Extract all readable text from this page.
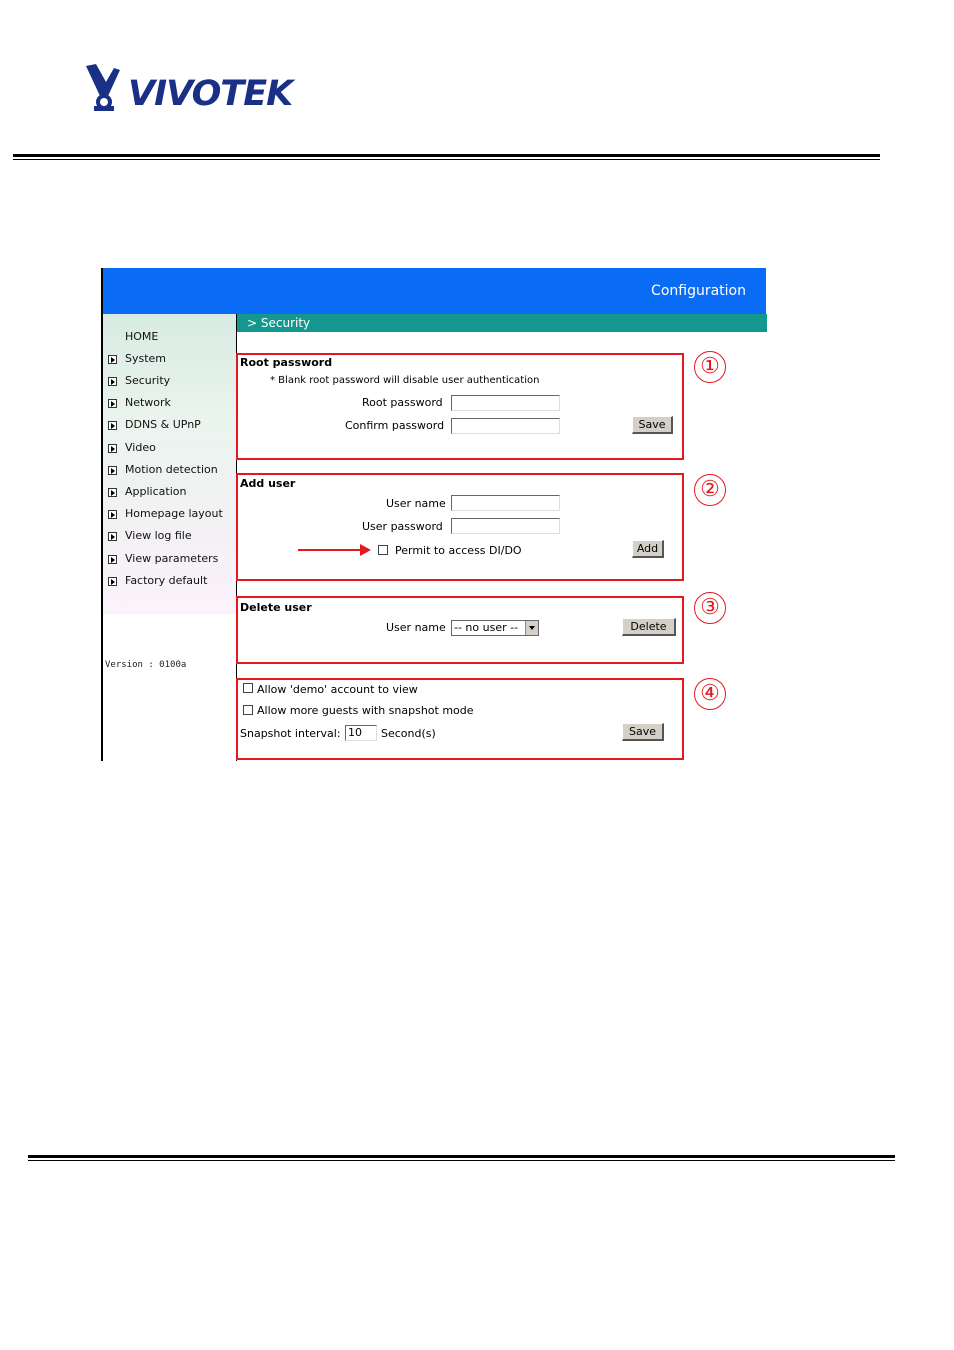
VIVOTEK
Configuration
HOME
System
Security
Network
DDNS & UPnP
Video
Motion detection
Application
Homepage layout
View log file
View parameters
Factory default
Version : 0100a
> Security
Root password
* Blank root password will disable user authentication
Root password
Confirm password	Save
①
Add user
User name
User password
Permit to access DI/DO	Add
②
Delete user
User name -- no user --	Delete
③
Allow 'demo' account to view
Allow more guests with snapshot mode
Snapshot interval: 10	Second(s)	Save
④
